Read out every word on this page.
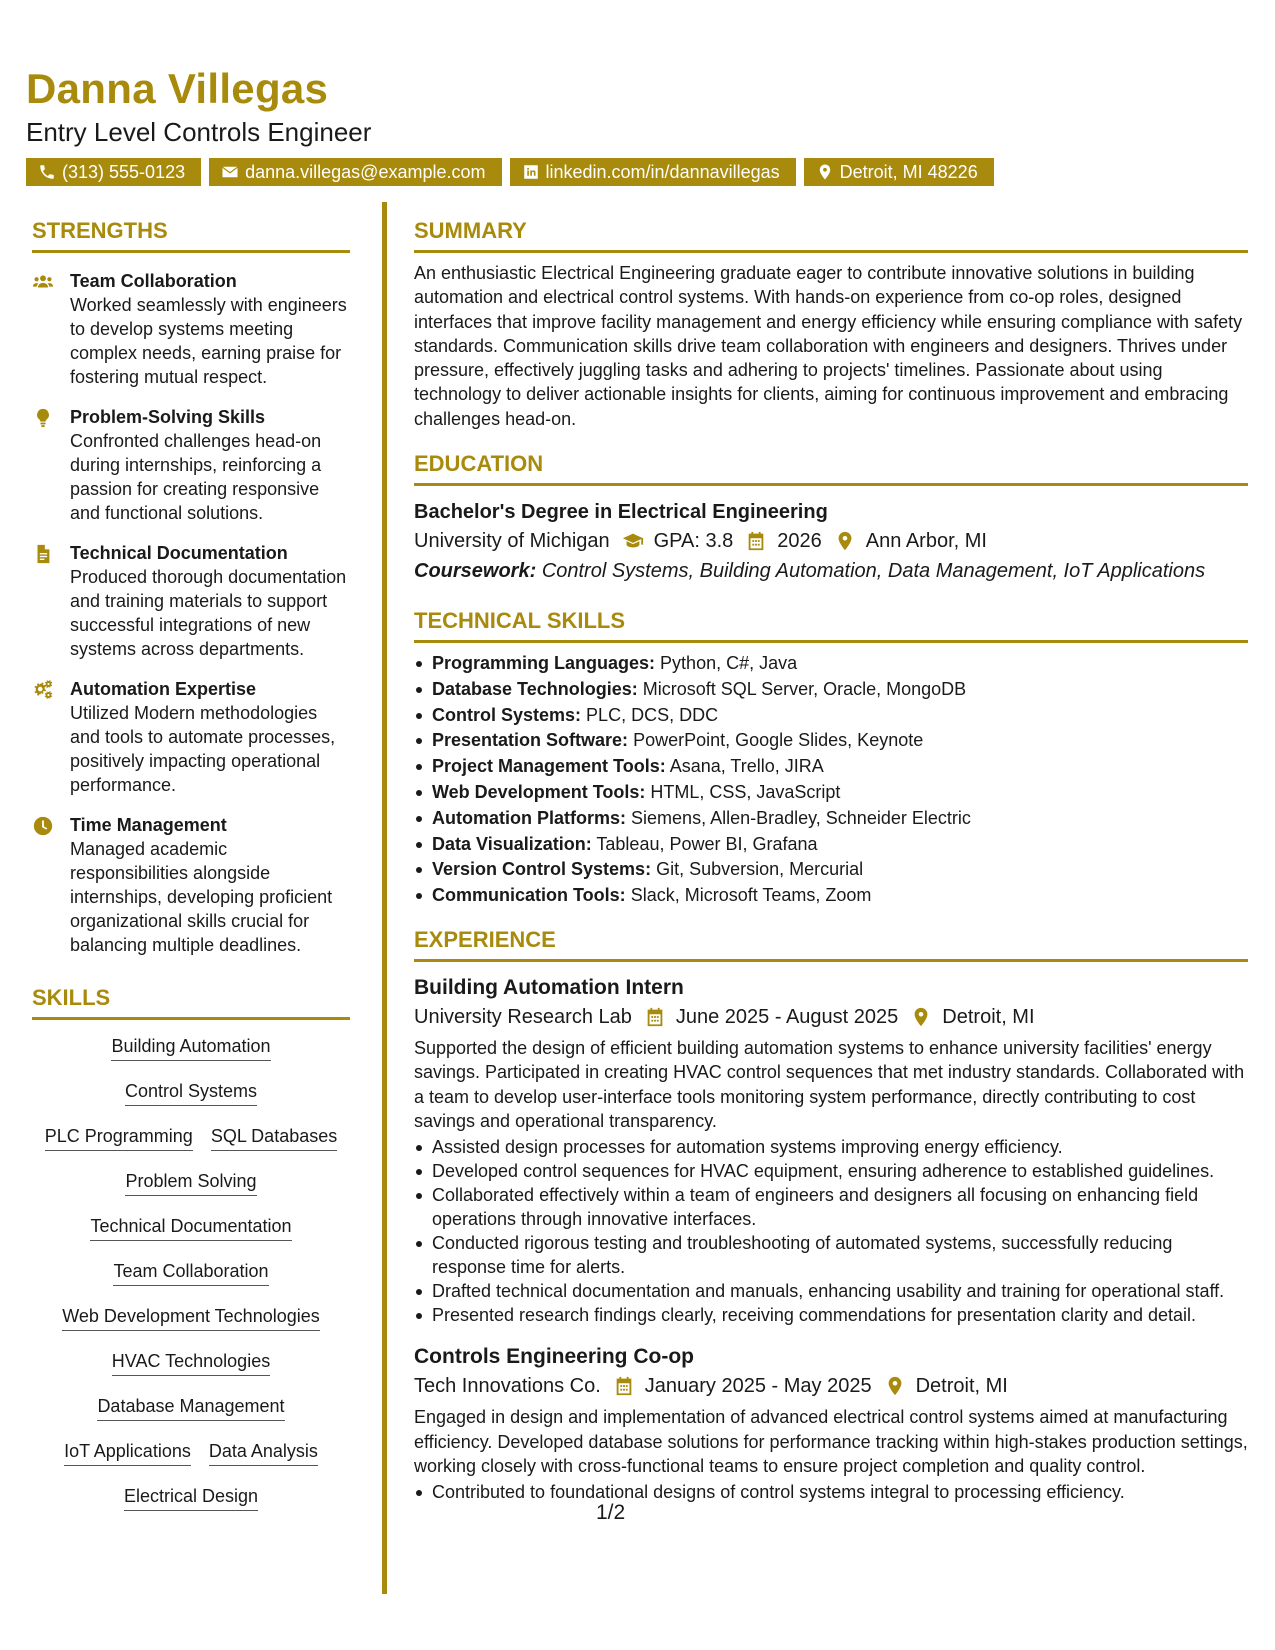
Danna Villegas
Entry Level Controls Engineer
(313) 555-0123	danna.villegas@example.com	linkedin.com/in/dannavillegas	Detroit, MI 48226
STRENGTHS
Team Collaboration
Worked seamlessly with engineers to develop systems meeting complex needs, earning praise for fostering mutual respect.
Problem-Solving Skills
Confronted challenges head-on during internships, reinforcing a passion for creating responsive and functional solutions.
Technical Documentation
Produced thorough documentation and training materials to support successful integrations of new systems across departments.
Automation Expertise
Utilized Modern methodologies and tools to automate processes, positively impacting operational performance.
Time Management
Managed academic responsibilities alongside internships, developing proficient organizational skills crucial for balancing multiple deadlines.
SKILLS
Building Automation
Control Systems
PLC Programming SQL Databases
Problem Solving
Technical Documentation
Team Collaboration
Web Development Technologies
HVAC Technologies
Database Management
IoT Applications Data Analysis
Electrical Design
SUMMARY
An enthusiastic Electrical Engineering graduate eager to contribute innovative solutions in building automation and electrical control systems. With hands-on experience from co-op roles, designed interfaces that improve facility management and energy efficiency while ensuring compliance with safety standards. Communication skills drive team collaboration with engineers and designers. Thrives under pressure, effectively juggling tasks and adhering to projects' timelines. Passionate about using technology to deliver actionable insights for clients, aiming for continuous improvement and embracing challenges head-on.
EDUCATION
Bachelor's Degree in Electrical Engineering
University of Michigan GPA: 3.8 2026 Ann Arbor, MI
Coursework: Control Systems, Building Automation, Data Management, IoT Applications
TECHNICAL SKILLS
Programming Languages: Python, C#, Java
Database Technologies: Microsoft SQL Server, Oracle, MongoDB
Control Systems: PLC, DCS, DDC
Presentation Software: PowerPoint, Google Slides, Keynote
Project Management Tools: Asana, Trello, JIRA
Web Development Tools: HTML, CSS, JavaScript
Automation Platforms: Siemens, Allen-Bradley, Schneider Electric
Data Visualization: Tableau, Power BI, Grafana
Version Control Systems: Git, Subversion, Mercurial
Communication Tools: Slack, Microsoft Teams, Zoom
EXPERIENCE
Building Automation Intern
University Research Lab June 2025 - August 2025 Detroit, MI
Supported the design of efficient building automation systems to enhance university facilities' energy savings. Participated in creating HVAC control sequences that met industry standards. Collaborated with a team to develop user-interface tools monitoring system performance, directly contributing to cost savings and operational transparency.
Assisted design processes for automation systems improving energy efficiency.
Developed control sequences for HVAC equipment, ensuring adherence to established guidelines.
Collaborated effectively within a team of engineers and designers all focusing on enhancing field operations through innovative interfaces.
Conducted rigorous testing and troubleshooting of automated systems, successfully reducing response time for alerts.
Drafted technical documentation and manuals, enhancing usability and training for operational staff.
Presented research findings clearly, receiving commendations for presentation clarity and detail.
Controls Engineering Co-op
Tech Innovations Co. January 2025 - May 2025 Detroit, MI
Engaged in design and implementation of advanced electrical control systems aimed at manufacturing efficiency. Developed database solutions for performance tracking within high-stakes production settings, working closely with cross-functional teams to ensure project completion and quality control.
Contributed to foundational designs of control systems integral to processing efficiency.
1/2
